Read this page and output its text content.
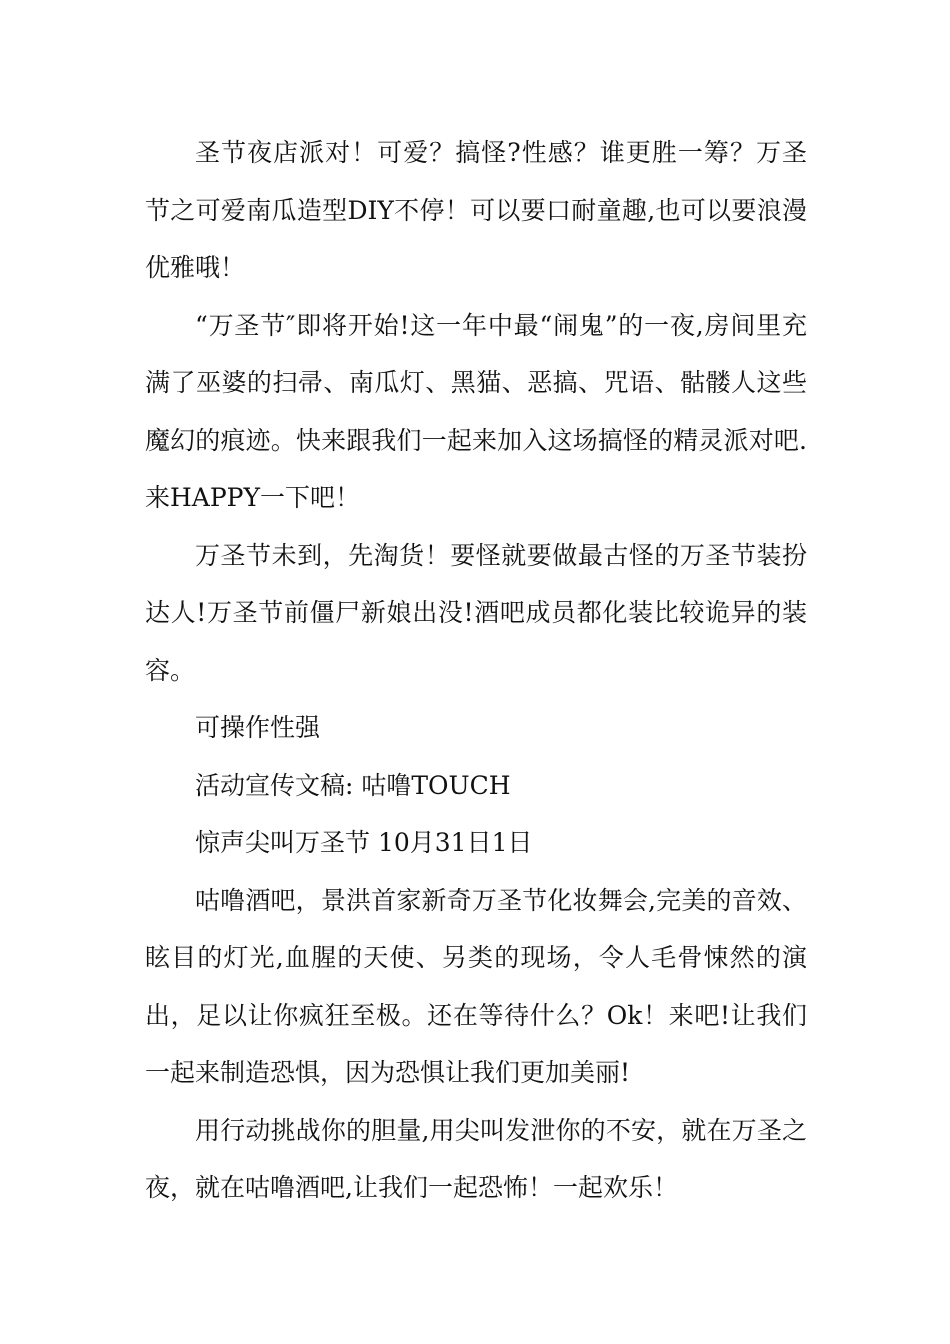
圣节夜店派对！可爱？搞怪?性感？谁更胜一筹？万圣节之可爱南瓜造型DIY不停！可以要口耐童趣,也可以要浪漫优雅哦！

“万圣节″即将开始!这一年中最“闹鬼”的一夜,房间里充满了巫婆的扫帚、南瓜灯、黑猫、恶搞、咒语、骷髅人这些魔幻的痕迹。快来跟我们一起来加入这场搞怪的精灵派对吧.来HAPPY一下吧！

万圣节未到，先淘货！要怪就要做最古怪的万圣节装扮达人!万圣节前僵尸新娘出没!酒吧成员都化装比较诡异的装容。

可操作性强

活动宣传文稿: 咕噜TOUCH

惊声尖叫万圣节 10月31日1日

咕噜酒吧，景洪首家新奇万圣节化妆舞会,完美的音效、眩目的灯光,血腥的天使、另类的现场，令人毛骨悚然的演出，足以让你疯狂至极。还在等待什么？Ok！来吧!让我们一起来制造恐惧，因为恐惧让我们更加美丽!

用行动挑战你的胆量,用尖叫发泄你的不安，就在万圣之夜，就在咕噜酒吧,让我们一起恐怖！一起欢乐！
